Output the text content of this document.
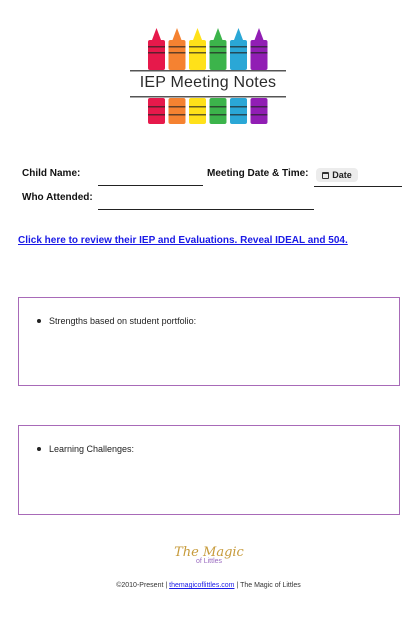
IEP Meeting Notes
Child Name:	Meeting Date & Time:	Date
Who Attended:
Click here to review their IEP and Evaluations. Reveal IDEAL and 504.
Strengths based on student portfolio:
Learning Challenges:
The Magic
of Littles
©2010-Present | themagicoflittles.com | The Magic of Littles
